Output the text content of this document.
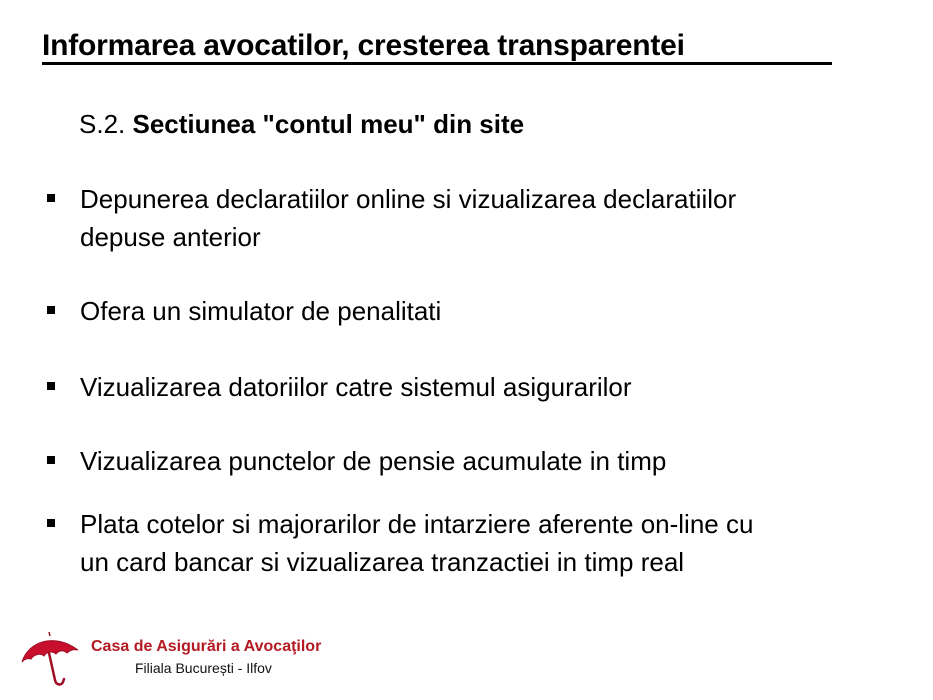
Informarea avocatilor, cresterea transparentei
S.2. Sectiunea "contul meu" din site
Depunerea declaratiilor online si vizualizarea declaratiilor
depuse anterior
Ofera un simulator de penalitati
Vizualizarea datoriilor catre sistemul asigurarilor
Vizualizarea punctelor de pensie acumulate in timp
Plata cotelor si majorarilor de intarziere aferente on-line cu
un card bancar si vizualizarea tranzactiei in timp real
Casa de Asigurări a Avocaţilor
Filiala București - Ilfov
